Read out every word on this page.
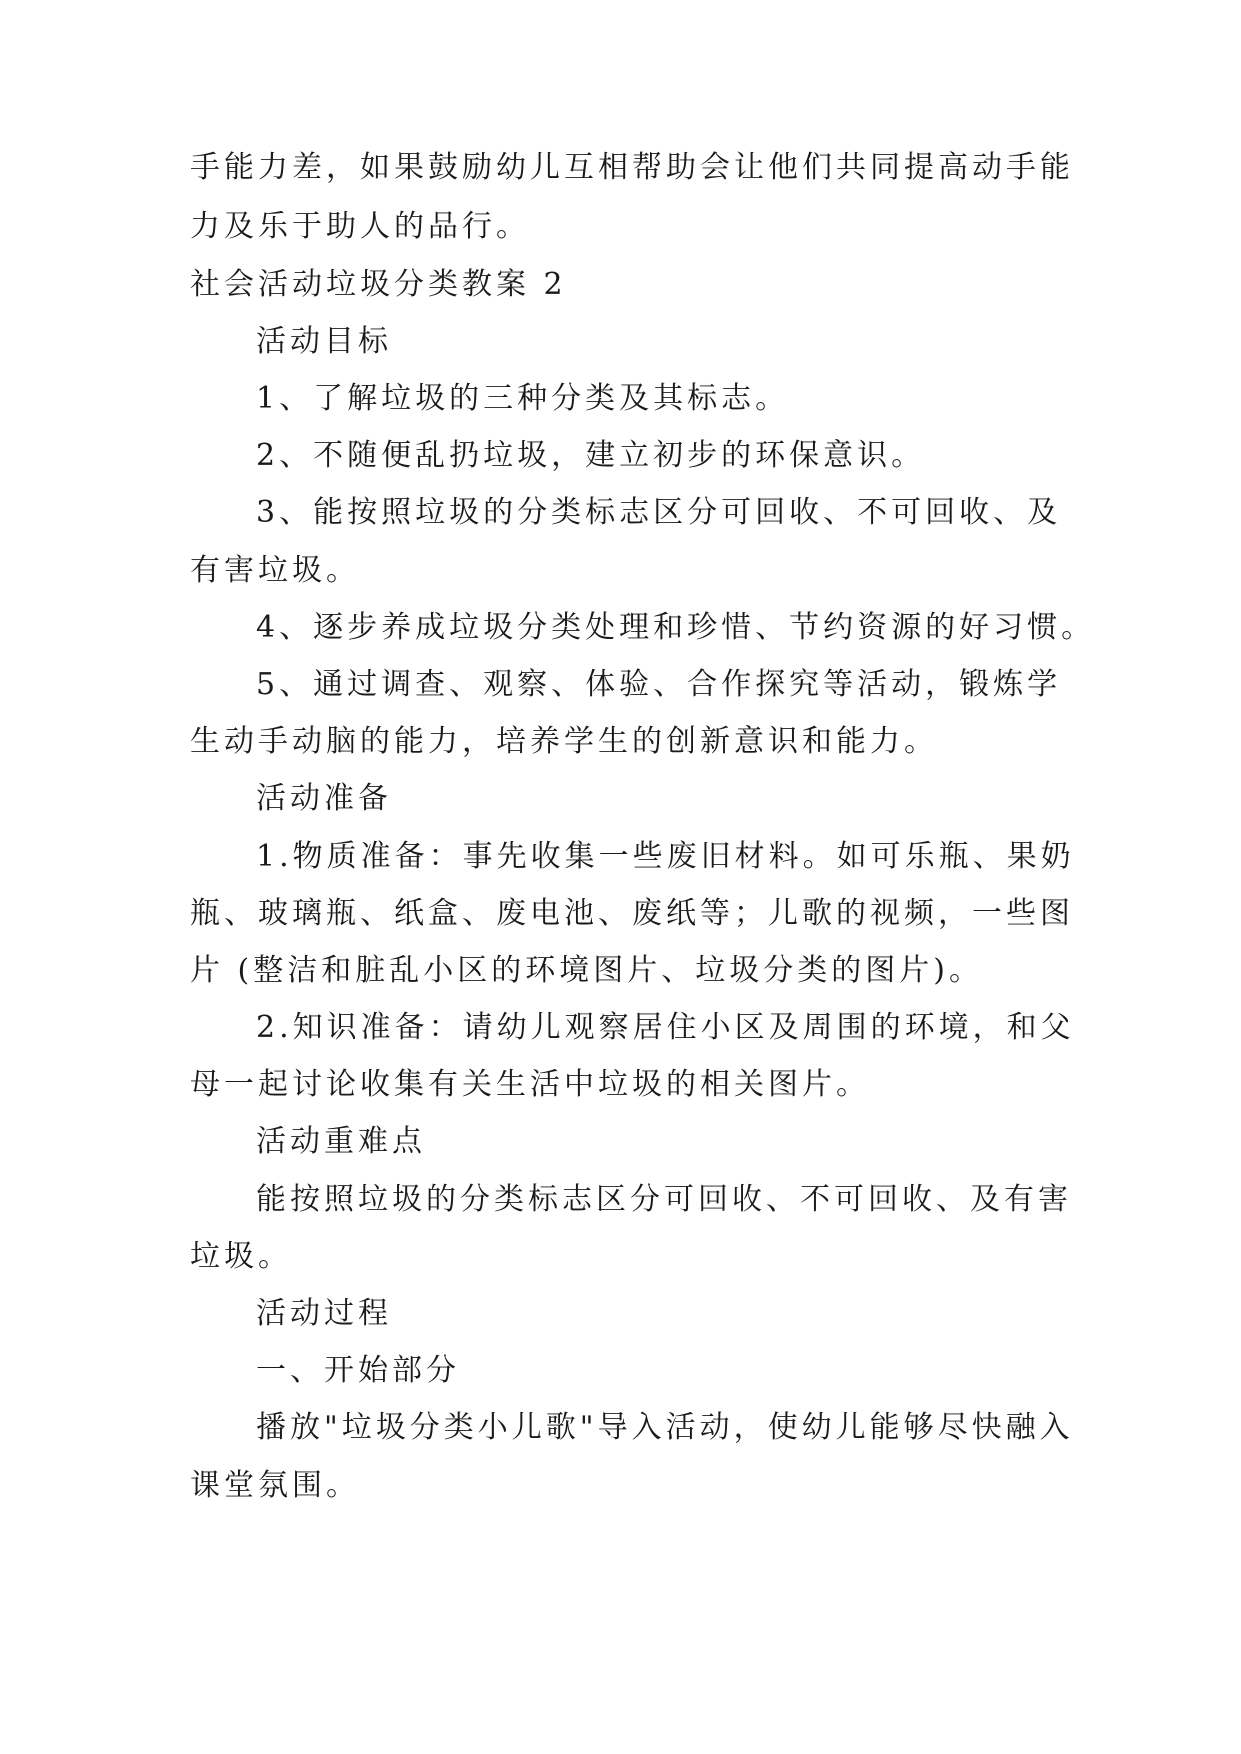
手能力差，如果鼓励幼儿互相帮助会让他们共同提高动手能
力及乐于助人的品行。
社会活动垃圾分类教案 2
活动目标
1、了解垃圾的三种分类及其标志。
2、不随便乱扔垃圾，建立初步的环保意识。
3、能按照垃圾的分类标志区分可回收、不可回收、及
有害垃圾。
4、逐步养成垃圾分类处理和珍惜、节约资源的好习惯。
5、通过调查、观察、体验、合作探究等活动，锻炼学
生动手动脑的能力，培养学生的创新意识和能力。
活动准备
1.物质准备：事先收集一些废旧材料。如可乐瓶、果奶
瓶、玻璃瓶、纸盒、废电池、废纸等；儿歌的视频，一些图
片 (整洁和脏乱小区的环境图片、垃圾分类的图片)。
2.知识准备：请幼儿观察居住小区及周围的环境，和父
母一起讨论收集有关生活中垃圾的相关图片。
活动重难点
能按照垃圾的分类标志区分可回收、不可回收、及有害
垃圾。
活动过程
一、开始部分
播放"垃圾分类小儿歌"导入活动，使幼儿能够尽快融入
课堂氛围。
